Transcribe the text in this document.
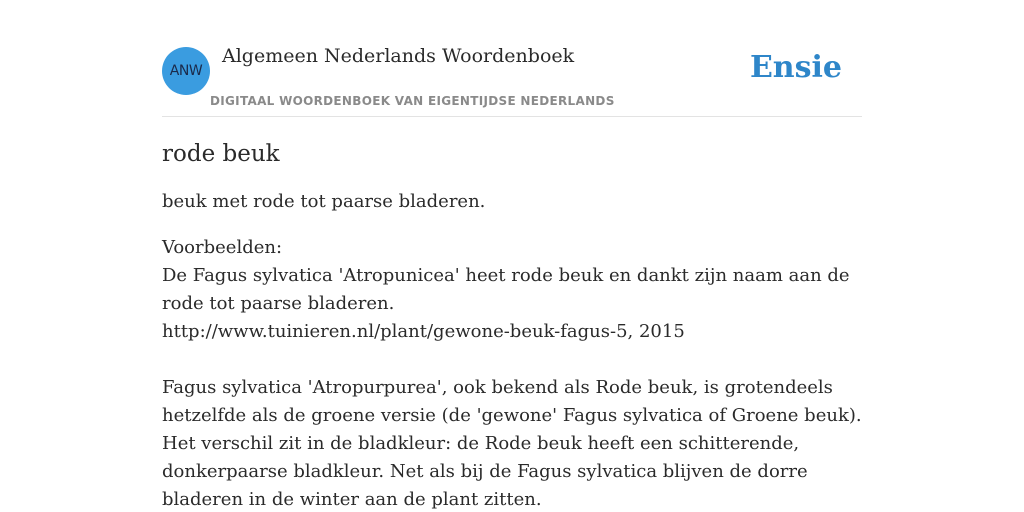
ANW
Algemeen Nederlands Woordenboek
DIGITAAL WOORDENBOEK VAN EIGENTIJDSE NEDERLANDS
Ensie
rode beuk

beuk met rode tot paarse bladeren.

Voorbeelden:

De Fagus sylvatica 'Atropunicea' heet rode beuk en dankt zijn naam aan de rode tot paarse bladeren.

http://www.tuinieren.nl/plant/gewone-beuk-fagus-5, 2015

Fagus sylvatica 'Atropurpurea', ook bekend als Rode beuk, is grotendeels hetzelfde als de groene versie (de 'gewone' Fagus sylvatica of Groene beuk). Het verschil zit in de bladkleur: de Rode beuk heeft een schitterende, donkerpaarse bladkleur. Net als bij de Fagus sylvatica blijven de dorre bladeren in de winter aan de plant zitten.
